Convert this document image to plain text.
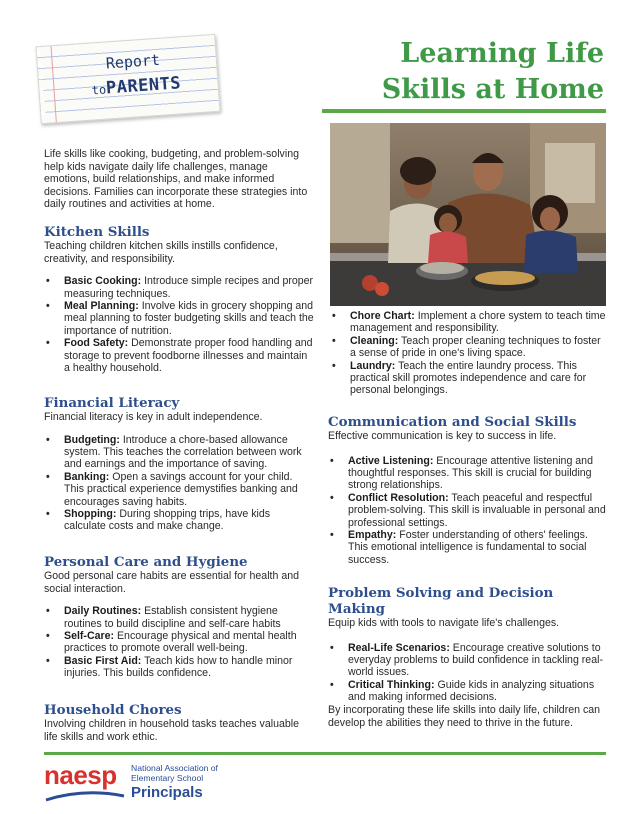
Report
toPARENTS
Learning Life
Skills at Home
Life skills like cooking, budgeting, and problem-solving help kids navigate daily life challenges, manage emotions, build relationships, and make informed decisions. Families can incorporate these strategies into daily routines and activities at home.
Kitchen Skills
Teaching children kitchen skills instills confidence, creativity, and responsibility.
• Basic Cooking: Introduce simple recipes and proper measuring techniques.
• Meal Planning: Involve kids in grocery shopping and meal planning to foster budgeting skills and teach the importance of nutrition.
• Food Safety: Demonstrate proper food handling and storage to prevent foodborne illnesses and maintain a healthy household.
Financial Literacy
Financial literacy is key in adult independence.
• Budgeting: Introduce a chore-based allowance system. This teaches the correlation between work and earnings and the importance of saving.
• Banking: Open a savings account for your child. This practical experience demystifies banking and encourages saving habits.
• Shopping: During shopping trips, have kids calculate costs and make change.
Personal Care and Hygiene
Good personal care habits are essential for health and social interaction.
• Daily Routines: Establish consistent hygiene routines to build discipline and self-care habits
• Self-Care: Encourage physical and mental health practices to promote overall well-being.
• Basic First Aid: Teach kids how to handle minor injuries. This builds confidence.
Household Chores
Involving children in household tasks teaches valuable life skills and work ethic.
• Chore Chart: Implement a chore system to teach time management and responsibility.
• Cleaning: Teach proper cleaning techniques to foster a sense of pride in one's living space.
• Laundry: Teach the entire laundry process. This practical skill promotes independence and care for personal belongings.
Communication and Social Skills
Effective communication is key to success in life.
• Active Listening: Encourage attentive listening and thoughtful responses. This skill is crucial for building strong relationships.
• Conflict Resolution: Teach peaceful and respectful problem-solving. This skill is invaluable in personal and professional settings.
• Empathy: Foster understanding of others' feelings. This emotional intelligence is fundamental to social success.
Problem Solving and Decision Making
Equip kids with tools to navigate life's challenges.
• Real-Life Scenarios: Encourage creative solutions to everyday problems to build confidence in tackling real-world issues.
• Critical Thinking: Guide kids in analyzing situations and making informed decisions.
By incorporating these life skills into daily life, children can develop the abilities they need to thrive in the future.
naesp National Association of
Elementary School
Principals
